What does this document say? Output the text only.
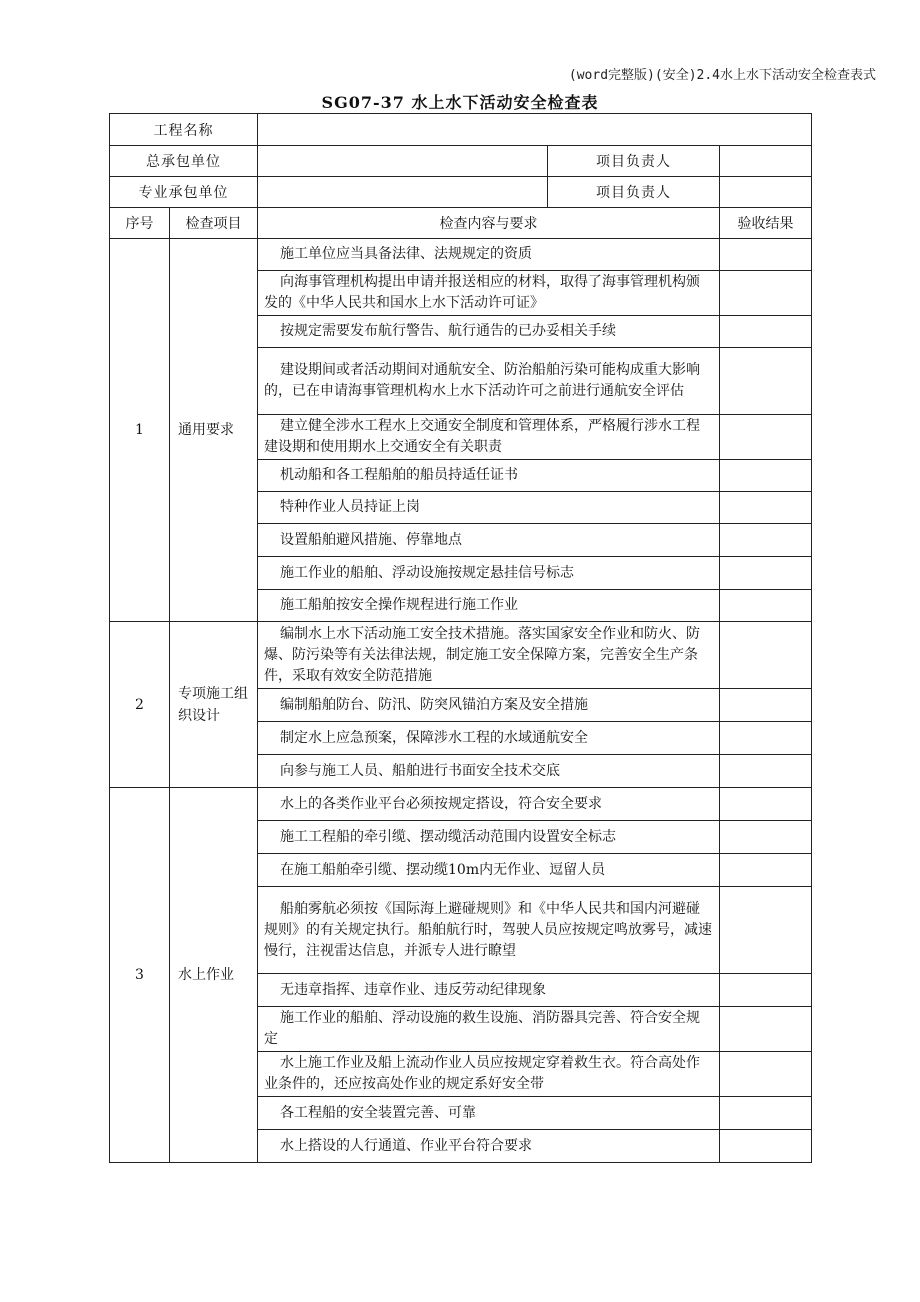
(word完整版)(安全)2.4水上水下活动安全检查表式
SG07-37 水上水下活动安全检查表
工程名称				
总承包单位			项目负责人	
专业承包单位			项目负责人	
序号	检查项目	检查内容与要求		验收结果
1	通用要求	施工单位应当具备法律、法规规定的资质		
		向海事管理机构提出申请并报送相应的材料，取得了海事管理机构颁发的《中华人民共和国水上水下活动许可证》		
		按规定需要发布航行警告、航行通告的已办妥相关手续		
		建设期间或者活动期间对通航安全、防治船舶污染可能构成重大影响的，已在申请海事管理机构水上水下活动许可之前进行通航安全评估		
		建立健全涉水工程水上交通安全制度和管理体系，严格履行涉水工程建设期和使用期水上交通安全有关职责		
		机动船和各工程船舶的船员持适任证书		
		特种作业人员持证上岗		
		设置船舶避风措施、停靠地点		
		施工作业的船舶、浮动设施按规定悬挂信号标志		
		施工船舶按安全操作规程进行施工作业		
2	专项施工组织设计	编制水上水下活动施工安全技术措施。落实国家安全作业和防火、防爆、防污染等有关法律法规，制定施工安全保障方案，完善安全生产条件，采取有效安全防范措施		
		编制船舶防台、防汛、防突风锚泊方案及安全措施		
		制定水上应急预案，保障涉水工程的水域通航安全		
		向参与施工人员、船舶进行书面安全技术交底		
3	水上作业	水上的各类作业平台必须按规定搭设，符合安全要求		
		施工工程船的牵引缆、摆动缆活动范围内设置安全标志		
		在施工船舶牵引缆、摆动缆10m内无作业、逗留人员		
		船舶雾航必须按《国际海上避碰规则》和《中华人民共和国内河避碰规则》的有关规定执行。船舶航行时，驾驶人员应按规定鸣放雾号，减速慢行，注视雷达信息，并派专人进行瞭望		
		无违章指挥、违章作业、违反劳动纪律现象		
		施工作业的船舶、浮动设施的救生设施、消防器具完善、符合安全规定		
		水上施工作业及船上流动作业人员应按规定穿着救生衣。符合高处作业条件的，还应按高处作业的规定系好安全带		
		各工程船的安全装置完善、可靠		
		水上搭设的人行通道、作业平台符合要求		
